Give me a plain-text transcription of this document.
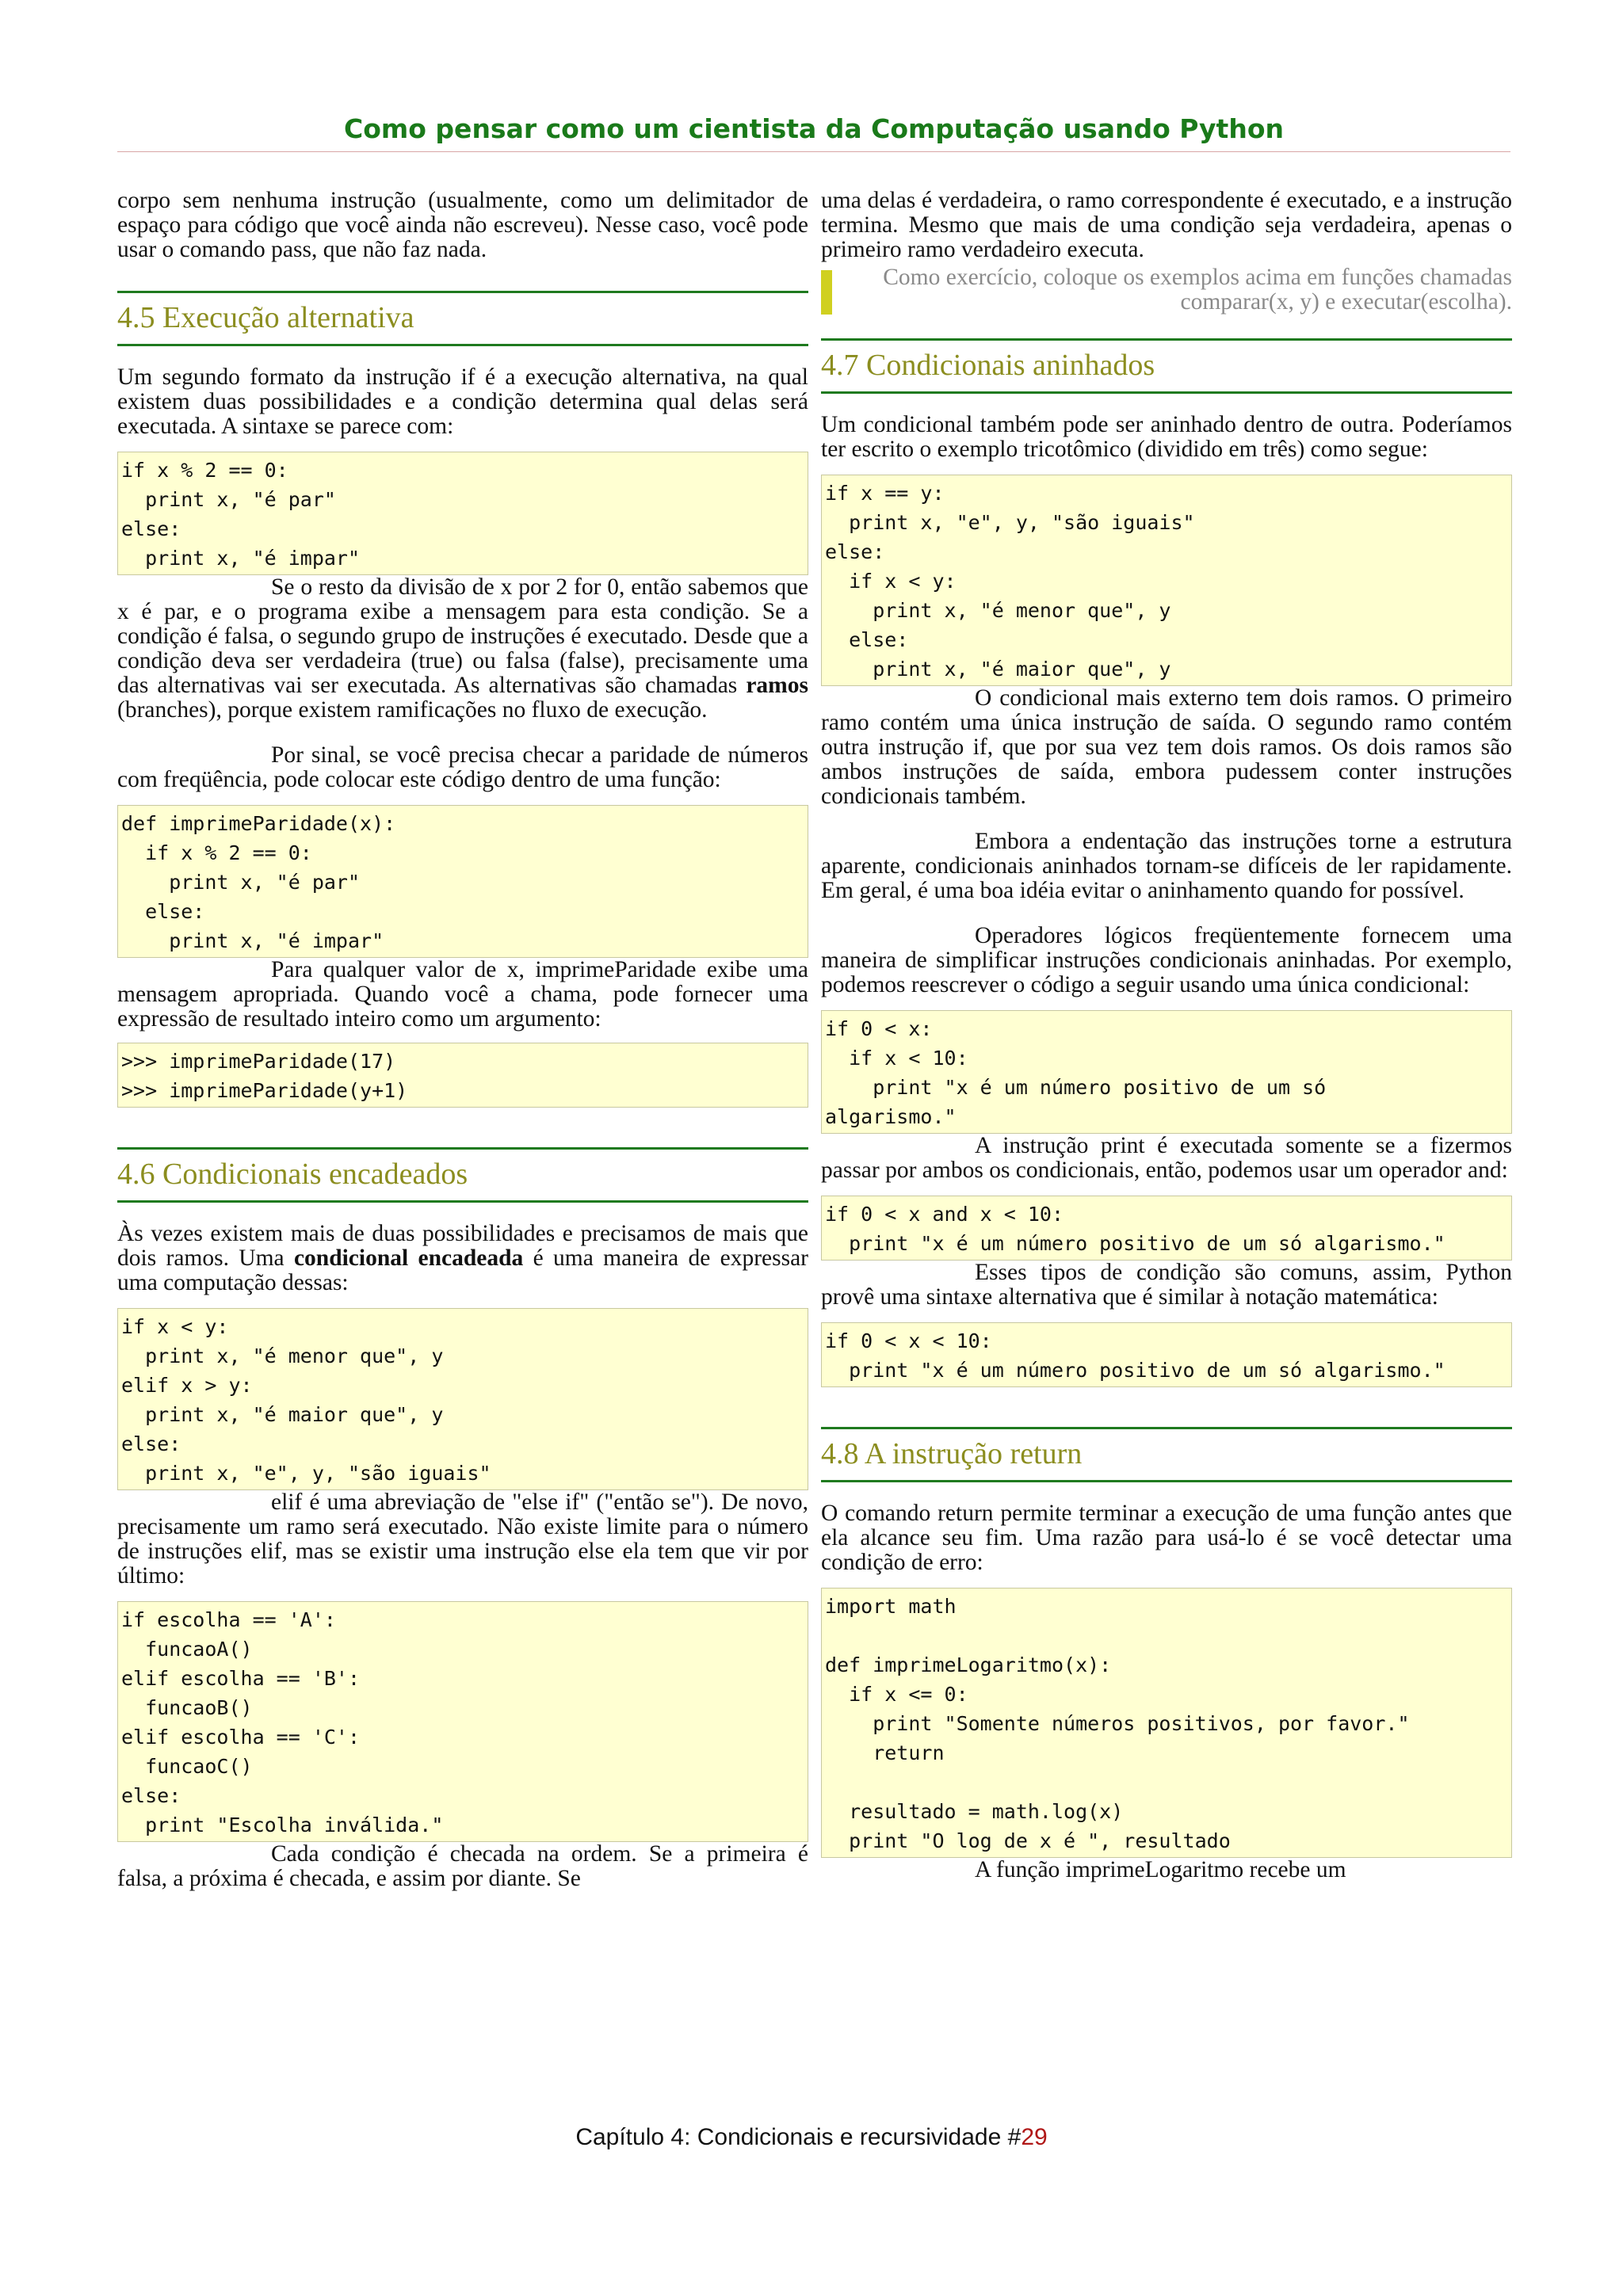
Como pensar como um cientista da Computação usando Python

corpo sem nenhuma instrução (usualmente, como um delimitador de espaço para código que você ainda não escreveu). Nesse caso, você pode usar o comando pass, que não faz nada.

4.5 Execução alternativa

Um segundo formato da instrução if é a execução alternativa, na qual existem duas possibilidades e a condição determina qual delas será executada. A sintaxe se parece com:

if x % 2 == 0:
print x, "é par"
else:
print x, "é impar"

Se o resto da divisão de x por 2 for 0, então sabemos que x é par, e o programa exibe a mensagem para esta condição. Se a condição é falsa, o segundo grupo de instruções é executado. Desde que a condição deva ser verdadeira (true) ou falsa (false), precisamente uma das alternativas vai ser executada. As alternativas são chamadas ramos (branches), porque existem ramificações no fluxo de execução.

Por sinal, se você precisa checar a paridade de números com freqüência, pode colocar este código dentro de uma função:

def imprimeParidade(x):
if x % 2 == 0:
print x, "é par"
else:
print x, "é impar"

Para qualquer valor de x, imprimeParidade exibe uma mensagem apropriada. Quando você a chama, pode fornecer uma expressão de resultado inteiro como um argumento:

>>> imprimeParidade(17)
>>> imprimeParidade(y+1)
4.6 Condicionais encadeados

Às vezes existem mais de duas possibilidades e precisamos de mais que dois ramos. Uma condicional encadeada é uma maneira de expressar uma computação dessas:

if x < y:
print x, "é menor que", y
elif x > y:
print x, "é maior que", y
else:
print x, "e", y, "são iguais"

elif é uma abreviação de "else if" ("então se"). De novo, precisamente um ramo será executado. Não existe limite para o número de instruções elif, mas se existir uma instrução else ela tem que vir por último:

if escolha == 'A':
funcaoA()
elif escolha == 'B':
funcaoB()
elif escolha == 'C':
funcaoC()
else:
print "Escolha inválida."

Cada condição é checada na ordem. Se a primeira é falsa, a próxima é checada, e assim por diante. Se

uma delas é verdadeira, o ramo correspondente é executado, e a instrução termina. Mesmo que mais de uma condição seja verdadeira, apenas o primeiro ramo verdadeiro executa.

Como exercício, coloque os exemplos acima em funções chamadas comparar(x, y) e executar(escolha).

4.7 Condicionais aninhados

Um condicional também pode ser aninhado dentro de outra. Poderíamos ter escrito o exemplo tricotômico (dividido em três) como segue:

if x == y:
print x, "e", y, "são iguais"
else:
if x < y:
print x, "é menor que", y
else:
print x, "é maior que", y

O condicional mais externo tem dois ramos. O primeiro ramo contém uma única instrução de saída. O segundo ramo contém outra instrução if, que por sua vez tem dois ramos. Os dois ramos são ambos instruções de saída, embora pudessem conter instruções condicionais também.

Embora a endentação das instruções torne a estrutura aparente, condicionais aninhados tornam-se difíceis de ler rapidamente. Em geral, é uma boa idéia evitar o aninhamento quando for possível.

Operadores lógicos freqüentemente fornecem uma maneira de simplificar instruções condicionais aninhadas. Por exemplo, podemos reescrever o código a seguir usando uma única condicional:

if 0 < x:
if x < 10:
print "x é um número positivo de um só
algarismo."

A instrução print é executada somente se a fizermos passar por ambos os condicionais, então, podemos usar um operador and:

if 0 < x and x < 10:
print "x é um número positivo de um só algarismo."

Esses tipos de condição são comuns, assim, Python provê uma sintaxe alternativa que é similar à notação matemática:

if 0 < x < 10:
print "x é um número positivo de um só algarismo."
4.8 A instrução return

O comando return permite terminar a execução de uma função antes que ela alcance seu fim. Uma razão para usá-lo é se você detectar uma condição de erro:

import math
def imprimeLogaritmo(x):
if x <= 0:
print "Somente números positivos, por favor."
return
resultado = math.log(x)
print "O log de x é ", resultado

A função imprimeLogaritmo recebe um

Capítulo 4: Condicionais e recursividade #29
